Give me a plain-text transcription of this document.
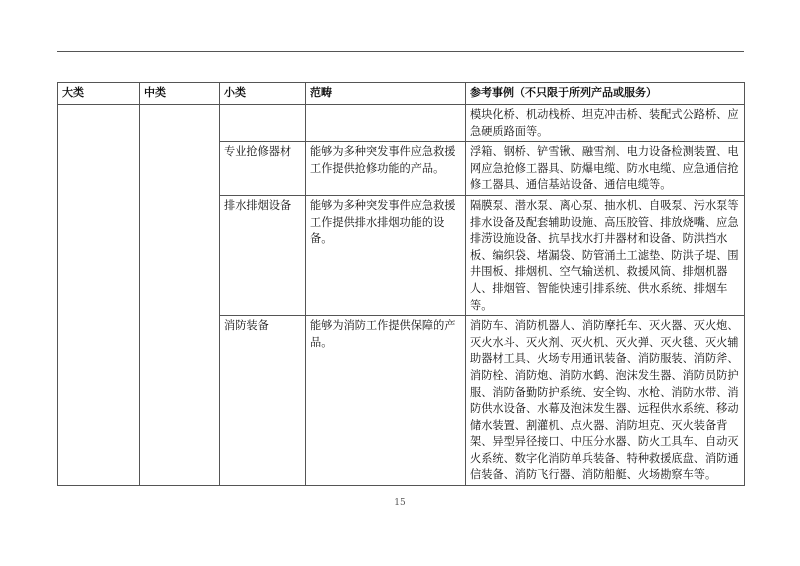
大类	中类	小类	范畴	参考事例（不只限于所列产品或服务）
				模块化桥、机动栈桥、坦克冲击桥、装配式公路桥、应急硬质路面等。
		专业抢修器材	能够为多种突发事件应急救援工作提供抢修功能的产品。	浮箱、钢桥、铲雪锹、融雪剂、电力设备检测装置、电网应急抢修工器具、防爆电缆、防水电缆、应急通信抢修工器具、通信基站设备、通信电缆等。
		排水排烟设备	能够为多种突发事件应急救援工作提供排水排烟功能的设备。	隔膜泵、潜水泵、离心泵、抽水机、自吸泵、污水泵等排水设备及配套辅助设施、高压胶管、排放烧嘴、应急排涝设施设备、抗旱找水打井器材和设备、防洪挡水板、编织袋、堵漏袋、防管涌土工滤垫、防洪子堤、围井围板、排烟机、空气输送机、救援风筒、排烟机器人、排烟管、智能快速引排系统、供水系统、排烟车等。
		消防装备	能够为消防工作提供保障的产品。	消防车、消防机器人、消防摩托车、灭火器、灭火炮、灭火水斗、灭火剂、灭火机、灭火弹、灭火毯、灭火辅助器材工具、火场专用通讯装备、消防服装、消防斧、消防栓、消防炮、消防水鹤、泡沫发生器、消防员防护服、消防备勤防护系统、安全钩、水枪、消防水带、消防供水设备、水幕及泡沫发生器、远程供水系统、移动储水装置、割灌机、点火器、消防坦克、灭火装备背架、异型异径接口、中压分水器、防火工具车、自动灭火系统、数字化消防单兵装备、特种救援底盘、消防通信装备、消防飞行器、消防船艇、火场勘察车等。
15
